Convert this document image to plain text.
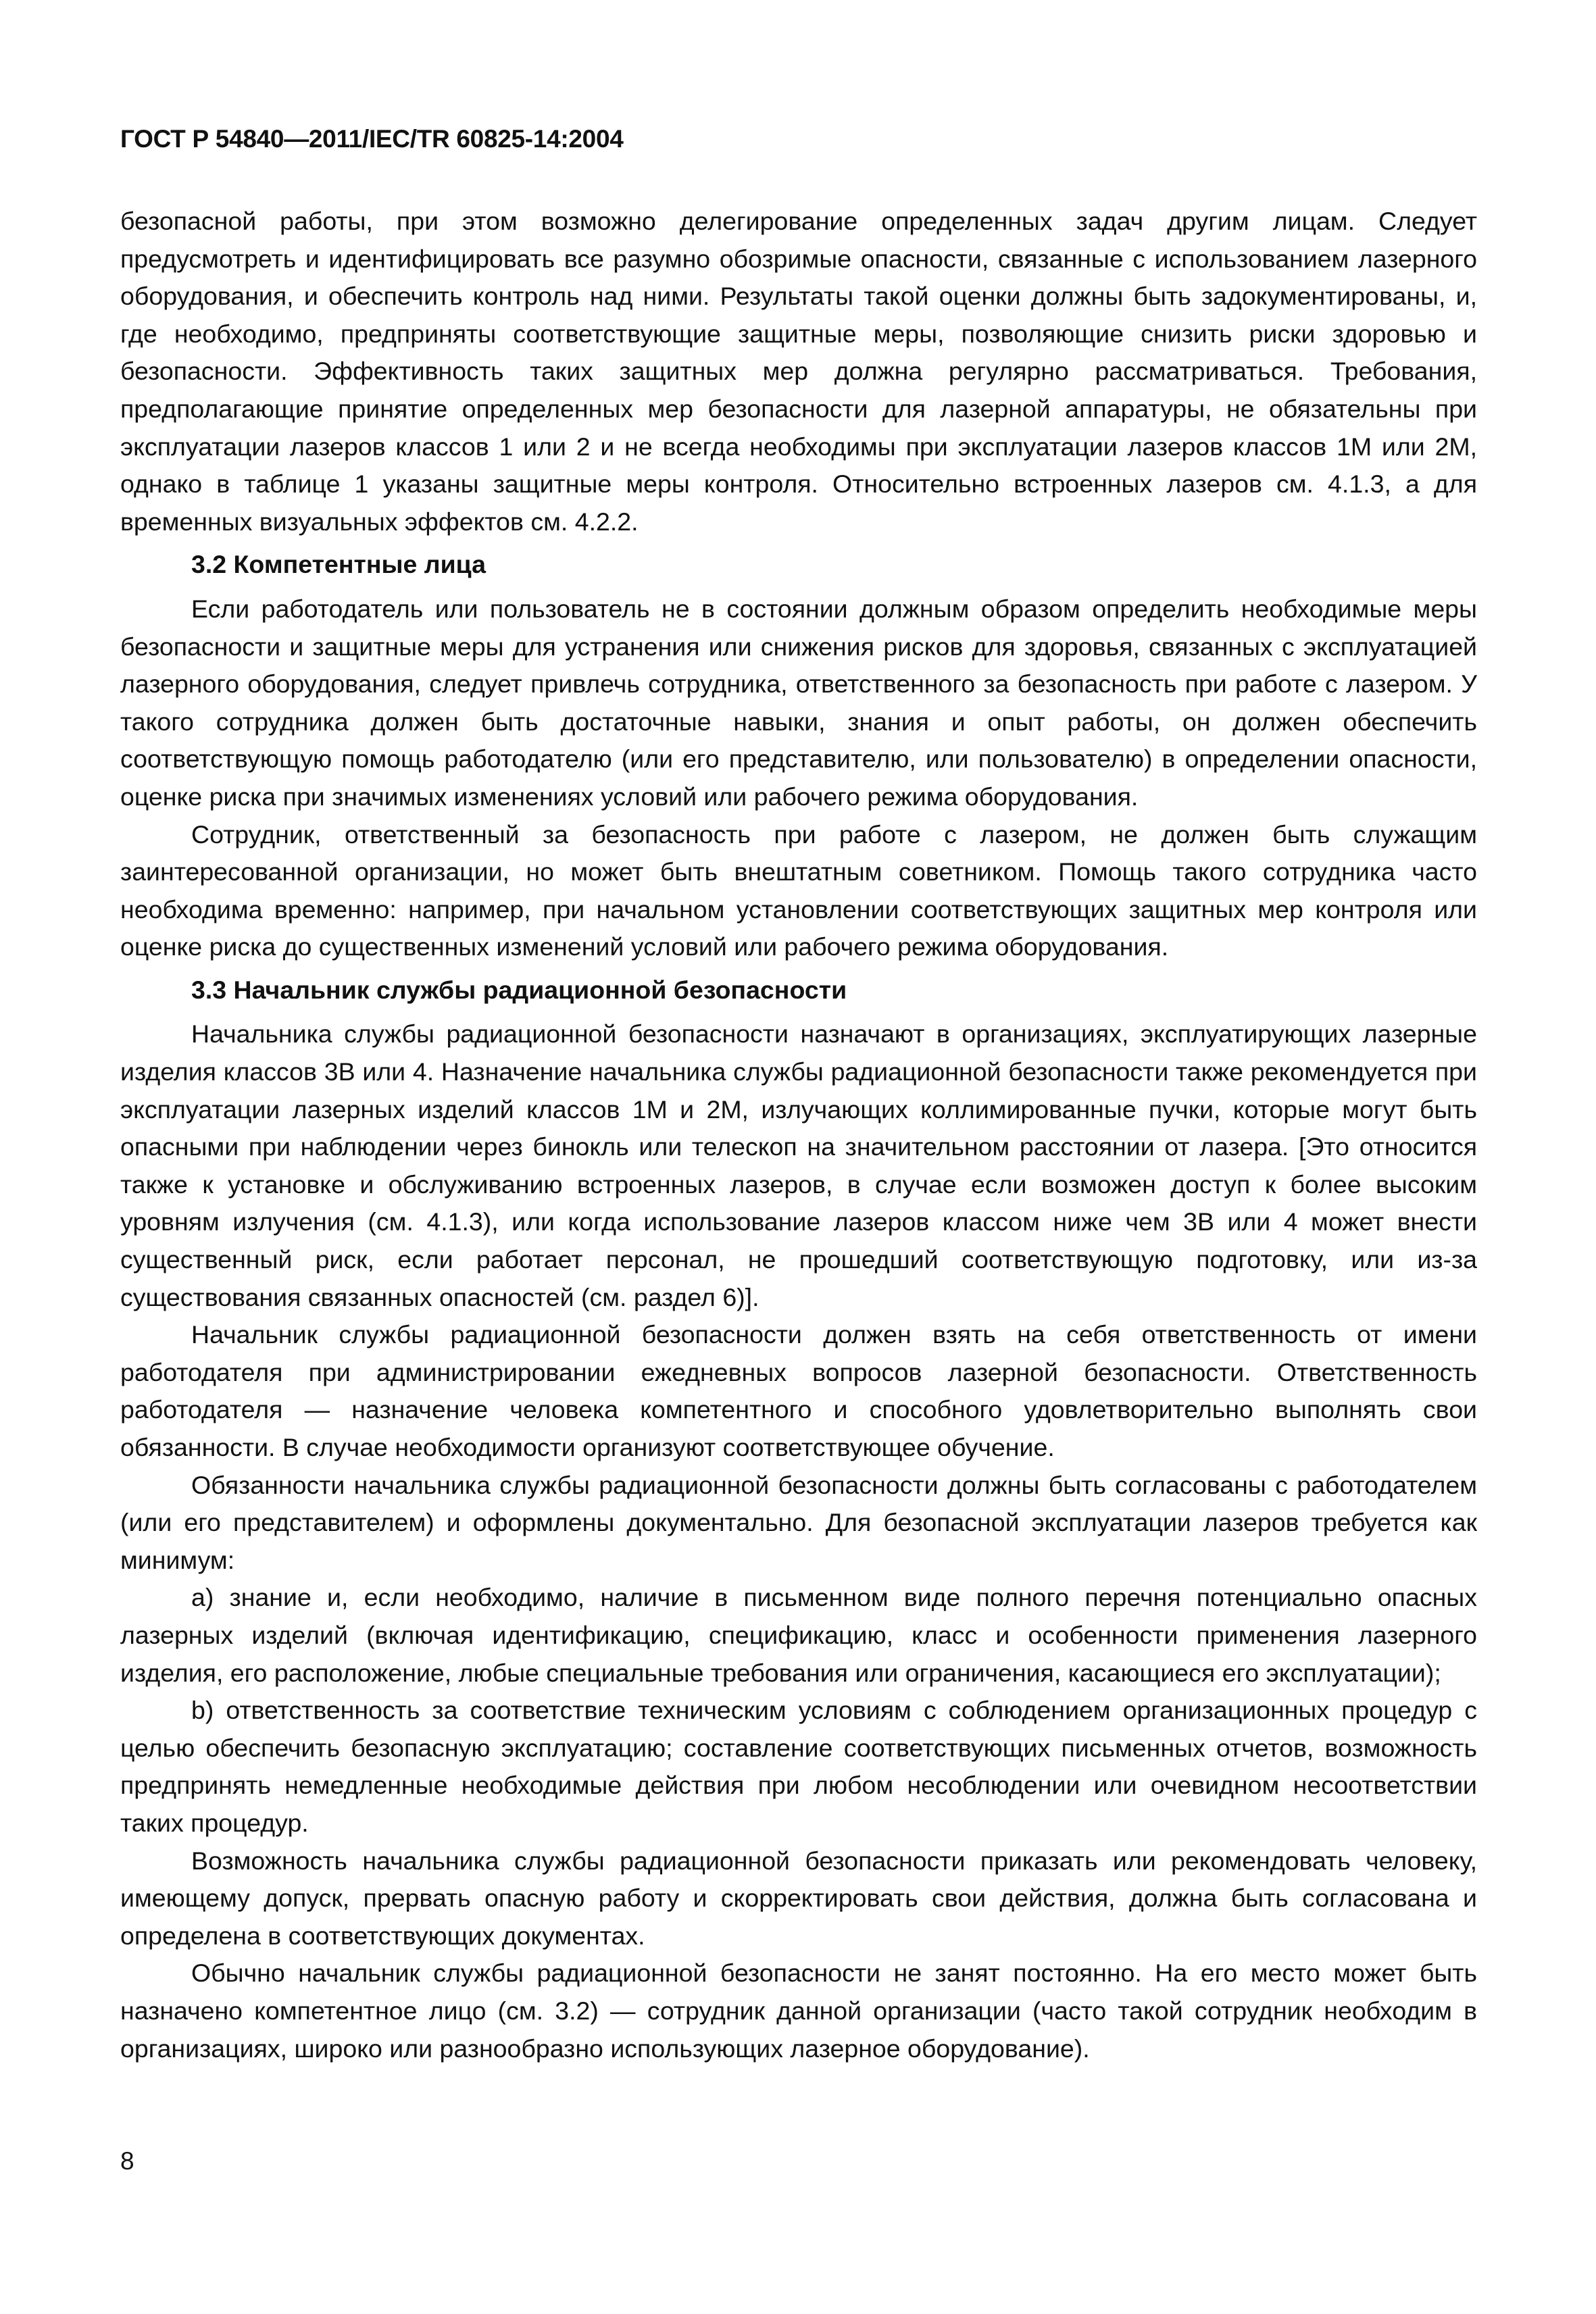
ГОСТ Р 54840—2011/IEC/TR 60825-14:2004

безопасной работы, при этом возможно делегирование определенных задач другим лицам. Следует предусмотреть и идентифицировать все разумно обозримые опасности, связанные с использованием лазерного оборудования, и обеспечить контроль над ними. Результаты такой оценки должны быть задокументированы, и, где необходимо, предприняты соответствующие защитные меры, позволяющие снизить риски здоровью и безопасности. Эффективность таких защитных мер должна регулярно рассматриваться. Требования, предполагающие принятие определенных мер безопасности для лазерной аппаратуры, не обязательны при эксплуатации лазеров классов 1 или 2 и не всегда необходимы при эксплуатации лазеров классов 1М или 2М, однако в таблице 1 указаны защитные меры контроля. Относительно встроенных лазеров см. 4.1.3, а для временных визуальных эффектов см. 4.2.2.

3.2 Компетентные лица

Если работодатель или пользователь не в состоянии должным образом определить необходимые меры безопасности и защитные меры для устранения или снижения рисков для здоровья, связанных с эксплуатацией лазерного оборудования, следует привлечь сотрудника, ответственного за безопасность при работе с лазером. У такого сотрудника должен быть достаточные навыки, знания и опыт работы, он должен обеспечить соответствующую помощь работодателю (или его представителю, или пользователю) в определении опасности, оценке риска при значимых изменениях условий или рабочего режима оборудования.

Сотрудник, ответственный за безопасность при работе с лазером, не должен быть служащим заинтересованной организации, но может быть внештатным советником. Помощь такого сотрудника часто необходима временно: например, при начальном установлении соответствующих защитных мер контроля или оценке риска до существенных изменений условий или рабочего режима оборудования.

3.3 Начальник службы радиационной безопасности

Начальника службы радиационной безопасности назначают в организациях, эксплуатирующих лазерные изделия классов 3В или 4. Назначение начальника службы радиационной безопасности также рекомендуется при эксплуатации лазерных изделий классов 1М и 2М, излучающих коллимированные пучки, которые могут быть опасными при наблюдении через бинокль или телескоп на значительном расстоянии от лазера. [Это относится также к установке и обслуживанию встроенных лазеров, в случае если возможен доступ к более высоким уровням излучения (см. 4.1.3), или когда использование лазеров классом ниже чем 3В или 4 может внести существенный риск, если работает персонал, не прошедший соответствующую подготовку, или из-за существования связанных опасностей (см. раздел 6)].

Начальник службы радиационной безопасности должен взять на себя ответственность от имени работодателя при администрировании ежедневных вопросов лазерной безопасности. Ответственность работодателя — назначение человека компетентного и способного удовлетворительно выполнять свои обязанности. В случае необходимости организуют соответствующее обучение.

Обязанности начальника службы радиационной безопасности должны быть согласованы с работодателем (или его представителем) и оформлены документально. Для безопасной эксплуатации лазеров требуется как минимум:

а) знание и, если необходимо, наличие в письменном виде полного перечня потенциально опасных лазерных изделий (включая идентификацию, спецификацию, класс и особенности применения лазерного изделия, его расположение, любые специальные требования или ограничения, касающиеся его эксплуатации);

b) ответственность за соответствие техническим условиям с соблюдением организационных процедур с целью обеспечить безопасную эксплуатацию; составление соответствующих письменных отчетов, возможность предпринять немедленные необходимые действия при любом несоблюдении или очевидном несоответствии таких процедур.

Возможность начальника службы радиационной безопасности приказать или рекомендовать человеку, имеющему допуск, прервать опасную работу и скорректировать свои действия, должна быть согласована и определена в соответствующих документах.

Обычно начальник службы радиационной безопасности не занят постоянно. На его место может быть назначено компетентное лицо (см. 3.2) — сотрудник данной организации (часто такой сотрудник необходим в организациях, широко или разнообразно использующих лазерное оборудование).

8
